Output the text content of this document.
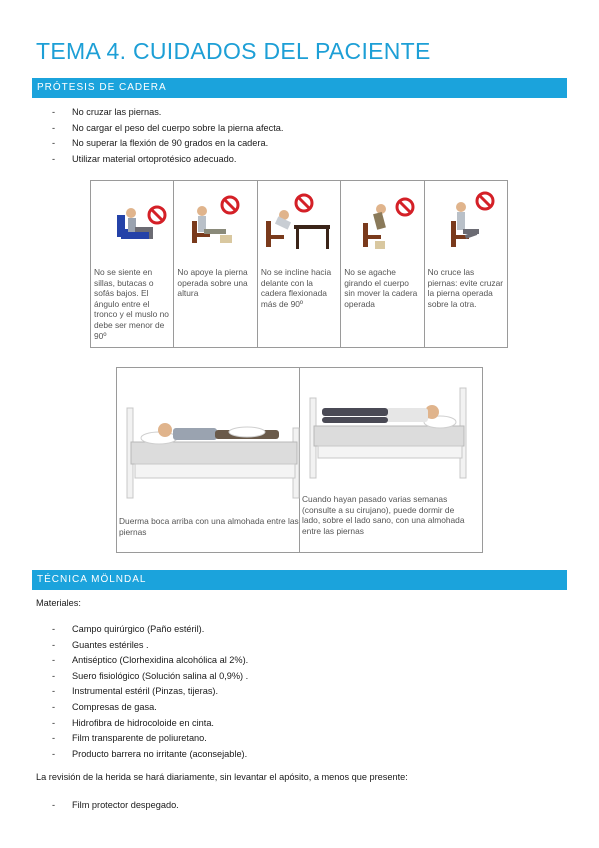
TEMA 4. CUIDADOS DEL PACIENTE
PRÓTESIS DE CADERA
- No cruzar las piernas.
- No cargar el peso del cuerpo sobre la pierna afecta.
- No superar la flexión de 90 grados en la cadera.
- Utilizar material ortoprotésico adecuado.
No se siente en sillas, butacas o sofás bajos. El ángulo entre el tronco y el muslo no debe ser menor de 90º
No apoye la pierna operada sobre una altura
No se incline hacia delante con la cadera flexionada más de 90º
No se agache girando el cuerpo sin mover la cadera operada
No cruce las piernas: evite cruzar la pierna operada sobre la otra.
Duerma boca arriba con una almohada entre las piernas
Cuando hayan pasado varias semanas (consulte a su cirujano), puede dormir de lado, sobre el lado sano, con una almohada entre las piernas
TÉCNICA MÖLNDAL
Materiales:
- Campo quirúrgico (Paño estéril).
- Guantes estériles .
- Antiséptico (Clorhexidina alcohólica al 2%).
- Suero fisiológico (Solución salina al 0,9%) .
- Instrumental estéril (Pinzas, tijeras).
- Compresas de gasa.
- Hidrofibra de hidrocoloide en cinta.
- Film transparente de poliuretano.
- Producto barrera no irritante (aconsejable).
La revisión de la herida se hará diariamente, sin levantar el apósito, a menos que presente:
- Film protector despegado.
